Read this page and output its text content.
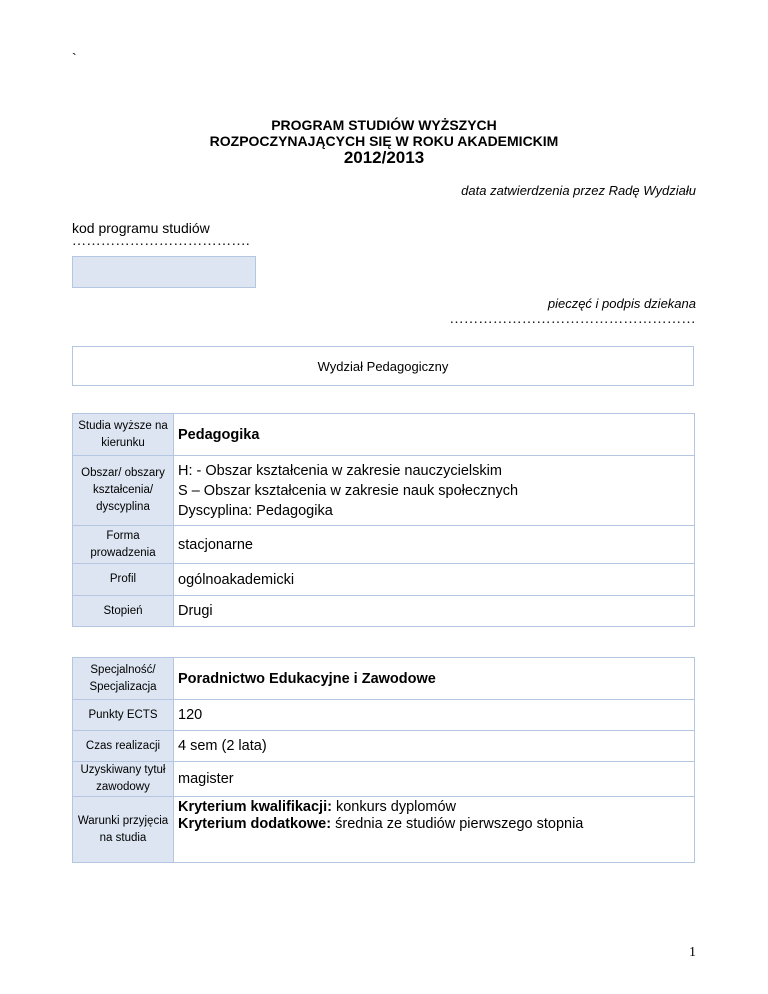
`
PROGRAM STUDIÓW WYŻSZYCH
ROZPOCZYNAJĄCYCH SIĘ W ROKU AKADEMICKIM
2012/2013
data zatwierdzenia przez Radę Wydziału
kod programu studiów
……………………………….
pieczęć i podpis dziekana
……………………………………………
Wydział Pedagogiczny
Studia wyższe na kierunku	Pedagogika
Obszar/ obszary kształcenia/ dyscyplina	H: - Obszar kształcenia w zakresie nauczycielskim
S – Obszar kształcenia w zakresie nauk społecznych
Dyscyplina: Pedagogika

Forma prowadzenia	stacjonarne
Profil	ogólnoakademicki
Stopień	Drugi
Specjalność/ Specjalizacja	Poradnictwo Edukacyjne i Zawodowe
Punkty ECTS	120
Czas realizacji	4 sem (2 lata)
Uzyskiwany tytuł zawodowy	magister
Warunki przyjęcia na studia	Kryterium kwalifikacji: konkurs dyplomów
Kryterium dodatkowe: średnia ze studiów pierwszego stopnia
1
